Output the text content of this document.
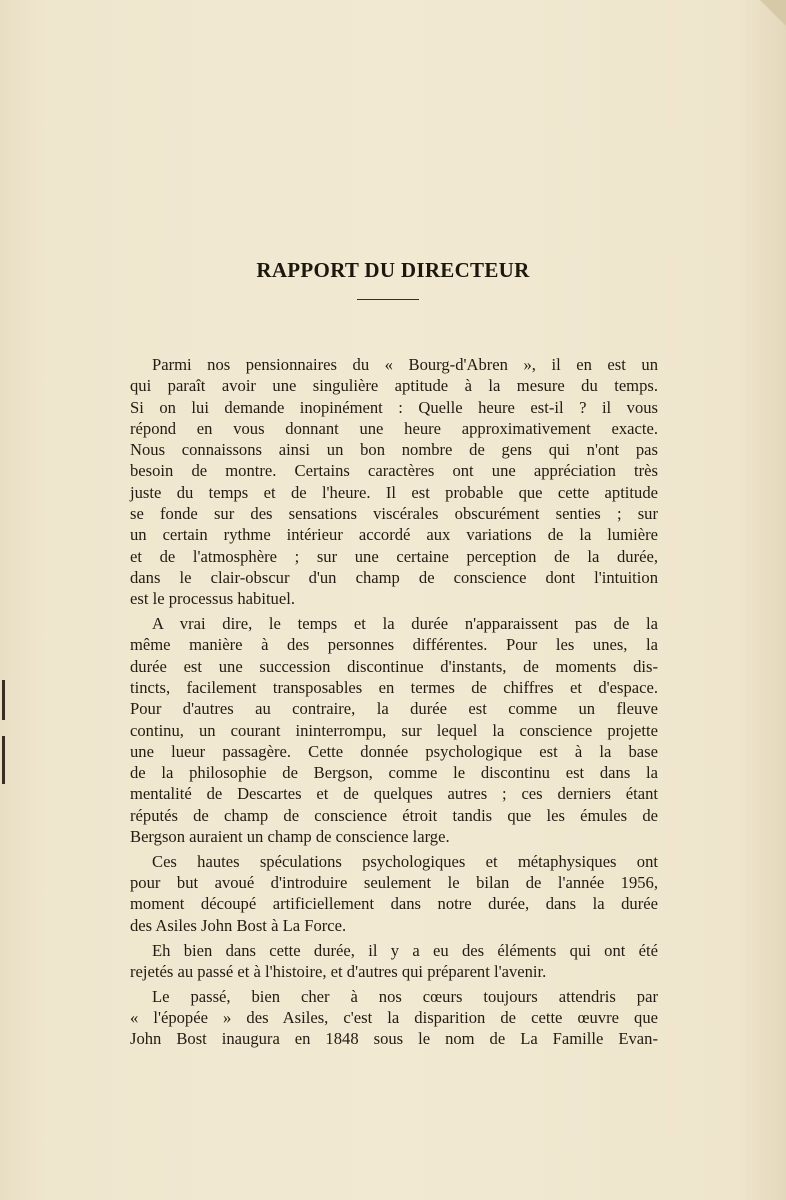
RAPPORT DU DIRECTEUR

Parmi nos pensionnaires du « Bourg-d'Abren », il en est un
qui paraît avoir une singulière aptitude à la mesure du temps.
Si on lui demande inopinément : Quelle heure est-il ? il vous
répond en vous donnant une heure approximativement exacte.
Nous connaissons ainsi un bon nombre de gens qui n'ont pas
besoin de montre. Certains caractères ont une appréciation très
juste du temps et de l'heure. Il est probable que cette aptitude
se fonde sur des sensations viscérales obscurément senties ; sur
un certain rythme intérieur accordé aux variations de la lumière
et de l'atmosphère ; sur une certaine perception de la durée,
dans le clair-obscur d'un champ de conscience dont l'intuition
est le processus habituel.

A vrai dire, le temps et la durée n'apparaissent pas de la
même manière à des personnes différentes. Pour les unes, la
durée est une succession discontinue d'instants, de moments dis-
tincts, facilement transposables en termes de chiffres et d'espace.
Pour d'autres au contraire, la durée est comme un fleuve
continu, un courant ininterrompu, sur lequel la conscience projette
une lueur passagère. Cette donnée psychologique est à la base
de la philosophie de Bergson, comme le discontinu est dans la
mentalité de Descartes et de quelques autres ; ces derniers étant
réputés de champ de conscience étroit tandis que les émules de
Bergson auraient un champ de conscience large.

Ces hautes spéculations psychologiques et métaphysiques ont
pour but avoué d'introduire seulement le bilan de l'année 1956,
moment découpé artificiellement dans notre durée, dans la durée
des Asiles John Bost à La Force.

Eh bien dans cette durée, il y a eu des éléments qui ont été
rejetés au passé et à l'histoire, et d'autres qui préparent l'avenir.

Le passé, bien cher à nos cœurs toujours attendris par
« l'épopée » des Asiles, c'est la disparition de cette œuvre que
John Bost inaugura en 1848 sous le nom de La Famille Evan-
